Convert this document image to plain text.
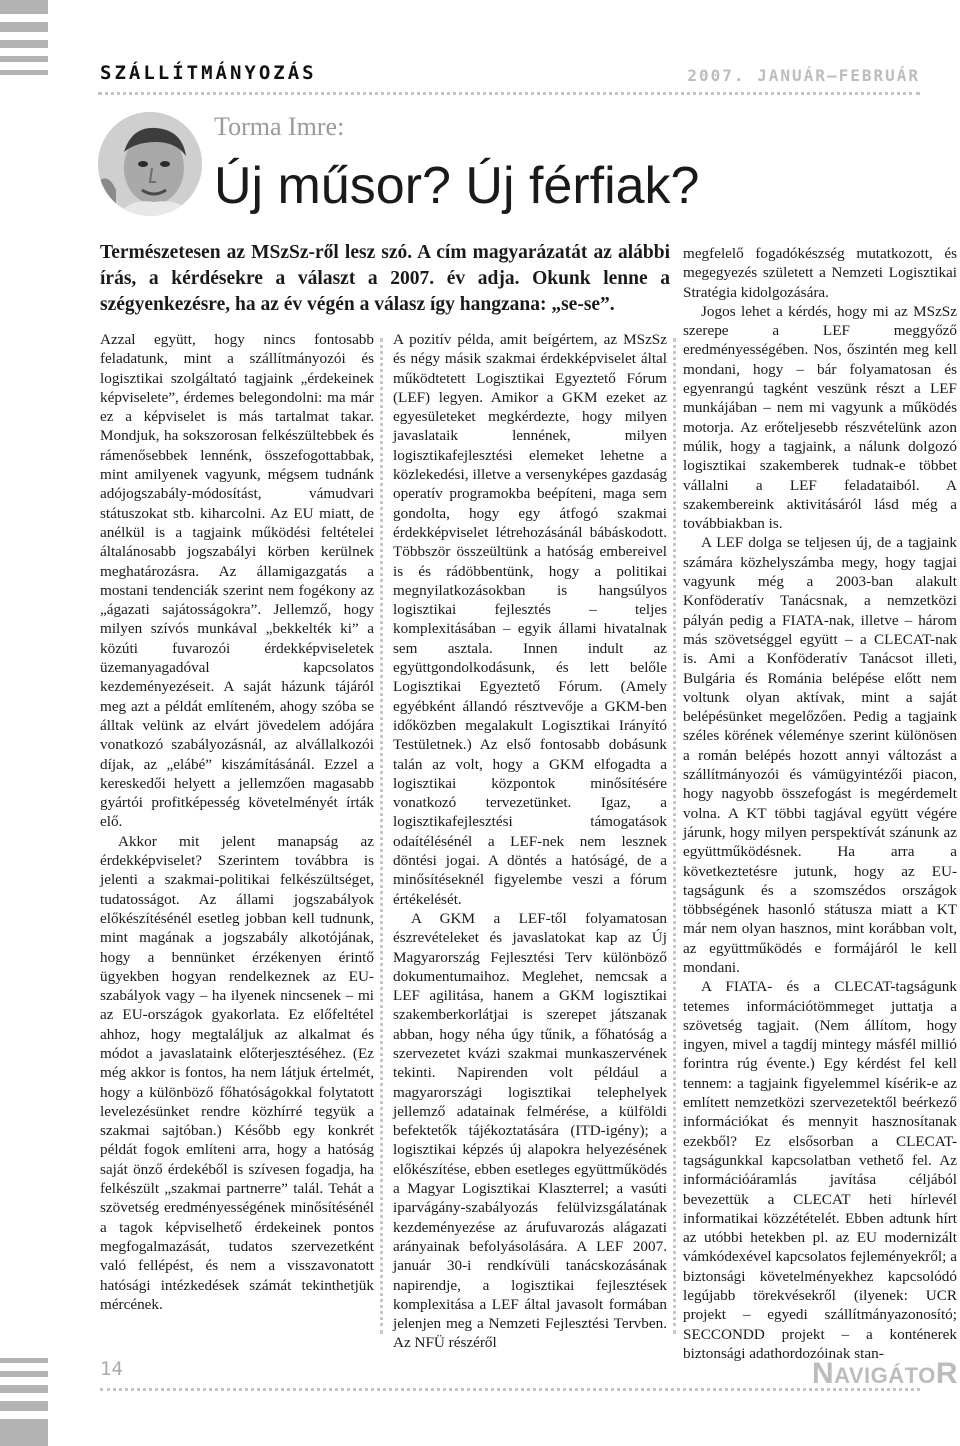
SZÁLLÍTMÁNYOZÁS	2007. JANUÁR–FEBRUÁR
Torma Imre:
Új műsor? Új férfiak?

Természetesen az MSzSz-ről lesz szó. A cím magyarázatát az alábbi írás, a kérdésekre a választ a 2007. év adja. Okunk lenne a szégyenkezésre, ha az év végén a válasz így hangzana: „se-se”.

Azzal együtt, hogy nincs fontosabb feladatunk, mint a szállítmányozói és logisztikai szolgáltató tagjaink „érdekeinek képviselete”, érdemes belegondolni: ma már ez a képviselet is más tartalmat takar. Mondjuk, ha sokszorosan felkészültebbek és rámenősebbek lennénk, összefogottabbak, mint amilyenek vagyunk, mégsem tudnánk adójogszabály-módosítást, vámudvari státuszokat stb. kiharcolni. Az EU miatt, de anélkül is a tagjaink működési feltételei általánosabb jogszabályi körben kerülnek meghatározásra. Az államigazgatás a mostani tendenciák szerint nem fogékony az „ágazati sajátosságokra”. Jellemző, hogy milyen szívós munkával „bekkelték ki” a közúti fuvarozói érdekképviseletek üzemanyagadóval kapcsolatos kezdeményezéseit. A saját házunk tájáról meg azt a példát említeném, ahogy szóba se álltak velünk az elvárt jövedelem adójára vonatkozó szabályozásnál, az alvállalkozói díjak, az „elábé” kiszámításánál. Ezzel a kereskedői helyett a jellemzően magasabb gyártói profitképesség követelményét írták elő.

Akkor mit jelent manapság az érdekképviselet? Szerintem továbbra is jelenti a szakmai-politikai felkészültséget, tudatosságot. Az állami jogszabályok előkészítésénél esetleg jobban kell tudnunk, mint magának a jogszabály alkotójának, hogy a bennünket érzékenyen érintő ügyekben hogyan rendelkeznek az EU-szabályok vagy – ha ilyenek nincsenek – mi az EU-országok gyakorlata. Ez előfeltétel ahhoz, hogy megtaláljuk az alkalmat és módot a javaslataink előterjesztéséhez. (Ez még akkor is fontos, ha nem látjuk értelmét, hogy a különböző főhatóságokkal folytatott levelezésünket rendre közhírré tegyük a szakmai sajtóban.) Később egy konkrét példát fogok említeni arra, hogy a hatóság saját önző érdekéből is szívesen fogadja, ha felkészült „szakmai partnerre” talál. Tehát a szövetség eredményességének minősítésénél a tagok képviselhető érdekeinek pontos megfogalmazását, tudatos szervezetként való fellépést, és nem a visszavonatott hatósági intézkedések számát tekinthetjük mércének.

A pozitív példa, amit beígértem, az MSzSz és négy másik szakmai érdekképviselet által működtetett Logisztikai Egyeztető Fórum (LEF) legyen. Amikor a GKM ezeket az egyesületeket megkérdezte, hogy milyen javaslataik lennének, milyen logisztikafejlesztési elemeket lehetne a közlekedési, illetve a versenyképes gazdaság operatív programokba beépíteni, maga sem gondolta, hogy egy átfogó szakmai érdekképviselet létrehozásánál bábáskodott. Többször összeültünk a hatóság embereivel is és rádöbbentünk, hogy a politikai megnyilatkozásokban is hangsúlyos logisztikai fejlesztés – teljes komplexitásában – egyik állami hivatalnak sem asztala. Innen indult az együttgondolkodásunk, és lett belőle Logisztikai Egyeztető Fórum. (Amely egyébként állandó résztvevője a GKM-ben időközben megalakult Logisztikai Irányító Testületnek.) Az első fontosabb dobásunk talán az volt, hogy a GKM elfogadta a logisztikai központok minősítésére vonatkozó tervezetünket. Igaz, a logisztikafejlesztési támogatások odaítélésénél a LEF-nek nem lesznek döntési jogai. A döntés a hatóságé, de a minősítéseknél figyelembe veszi a fórum értékelését.

A GKM a LEF-től folyamatosan észrevételeket és javaslatokat kap az Új Magyarország Fejlesztési Terv különböző dokumentumaihoz. Meglehet, nemcsak a LEF agilitása, hanem a GKM logisztikai szakemberkorlátjai is szerepet játszanak abban, hogy néha úgy tűnik, a főhatóság a szervezetet kvázi szakmai munkaszervének tekinti. Napirenden volt például a magyarországi logisztikai telephelyek jellemző adatainak felmérése, a külföldi befektetők tájékoztatására (ITD-igény); a logisztikai képzés új alapokra helyezésének előkészítése, ebben esetleges együttműködés a Magyar Logisztikai Klaszterrel; a vasúti iparvágány-szabályozás felülvizsgálatának kezdeményezése az árufuvarozás alágazati arányainak befolyásolására. A LEF 2007. január 30-i rendkívüli tanácskozásának napirendje, a logisztikai fejlesztések komplexitása a LEF által javasolt formában jelenjen meg a Nemzeti Fejlesztési Tervben. Az NFÜ részéről

megfelelő fogadókészség mutatkozott, és megegyezés született a Nemzeti Logisztikai Stratégia kidolgozására.

Jogos lehet a kérdés, hogy mi az MSzSz szerepe a LEF meggyőző eredményességében. Nos, őszintén meg kell mondani, hogy – bár folyamatosan és egyenrangú tagként veszünk részt a LEF munkájában – nem mi vagyunk a működés motorja. Az erőteljesebb részvételünk azon múlik, hogy a tagjaink, a nálunk dolgozó logisztikai szakemberek tudnak-e többet vállalni a LEF feladataiból. A szakembereink aktivitásáról lásd még a továbbiakban is.

A LEF dolga se teljesen új, de a tagjaink számára közhelyszámba megy, hogy tagjai vagyunk még a 2003-ban alakult Konföderatív Tanácsnak, a nemzetközi pályán pedig a FIATA-nak, illetve – három más szövetséggel együtt – a CLECAT-nak is. Ami a Konföderatív Tanácsot illeti, Bulgária és Románia belépése előtt nem voltunk olyan aktívak, mint a saját belépésünket megelőzően. Pedig a tagjaink széles körének véleménye szerint különösen a román belépés hozott annyi változást a szállítmányozói és vámügyintézői piacon, hogy nagyobb összefogást is megérdemelt volna. A KT többi tagjával együtt végére járunk, hogy milyen perspektívát szánunk az együttműködésnek. Ha arra a következtetésre jutunk, hogy az EU-tagságunk és a szomszédos országok többségének hasonló státusza miatt a KT már nem olyan hasznos, mint korábban volt, az együttműködés e formájáról le kell mondani.

A FIATA- és a CLECAT-tagságunk tetemes információtömmeget juttatja a szövetség tagjait. (Nem állítom, hogy ingyen, mivel a tagdíj mintegy másfél millió forintra rúg évente.) Egy kérdést fel kell tennem: a tagjaink figyelemmel kísérik-e az említett nemzetközi szervezetektől beérkező információkat és mennyit hasznosítanak ezekből? Ez elsősorban a CLECAT-tagságunkkal kapcsolatban vethető fel. Az információáramlás javítása céljából bevezettük a CLECAT heti hírlevél informatikai közzétételét. Ebben adtunk hírt az utóbbi hetekben pl. az EU modernizált vámkódexével kapcsolatos fejleményekről; a biztonsági követelményekhez kapcsolódó legújabb törekvésekről (ilyenek: UCR projekt – egyedi szállítmányazonosító; SECCONDD projekt – a konténerek biztonsági adathordozóinak stan-

14	NAVIGÁTOR
